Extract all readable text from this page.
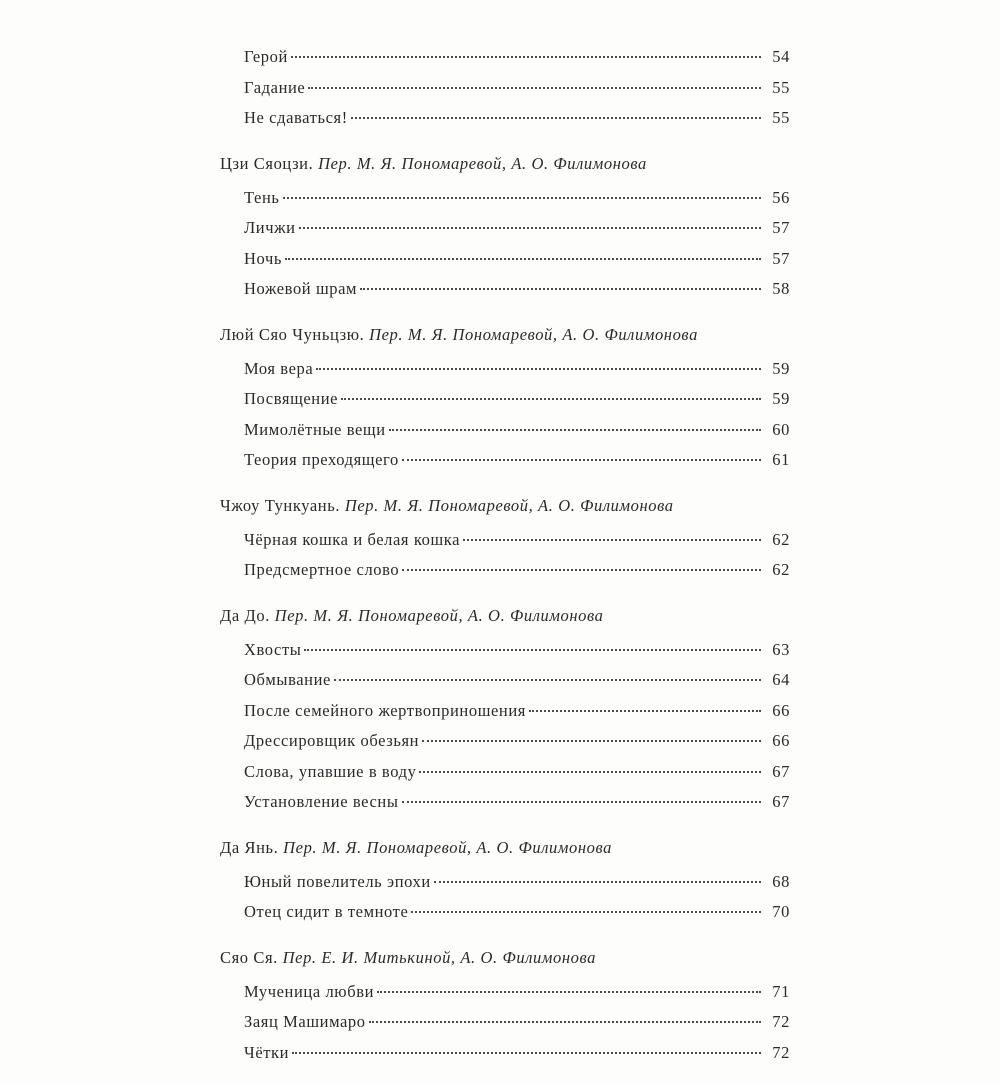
Герой	54
Гадание	55
Не сдаваться!	55
Цзи Сяоцзи. Пер. М. Я. Пономаревой, А. О. Филимонова
Тень	56
Личжи	57
Ночь	57
Ножевой шрам	58
Люй Сяо Чуньцзю. Пер. М. Я. Пономаревой, А. О. Филимонова
Моя вера	59
Посвящение	59
Мимолётные вещи	60
Теория преходящего	61
Чжоу Тункуань. Пер. М. Я. Пономаревой, А. О. Филимонова
Чёрная кошка и белая кошка	62
Предсмертное слово	62
Да До. Пер. М. Я. Пономаревой, А. О. Филимонова
Хвосты	63
Обмывание	64
После семейного жертвоприношения	66
Дрессировщик обезьян	66
Слова, упавшие в воду	67
Установление весны	67
Да Янь. Пер. М. Я. Пономаревой, А. О. Филимонова
Юный повелитель эпохи	68
Отец сидит в темноте	70
Сяо Ся. Пер. Е. И. Митькиной, А. О. Филимонова
Мученица любви	71
Заяц Машимаро	72
Чётки	72
